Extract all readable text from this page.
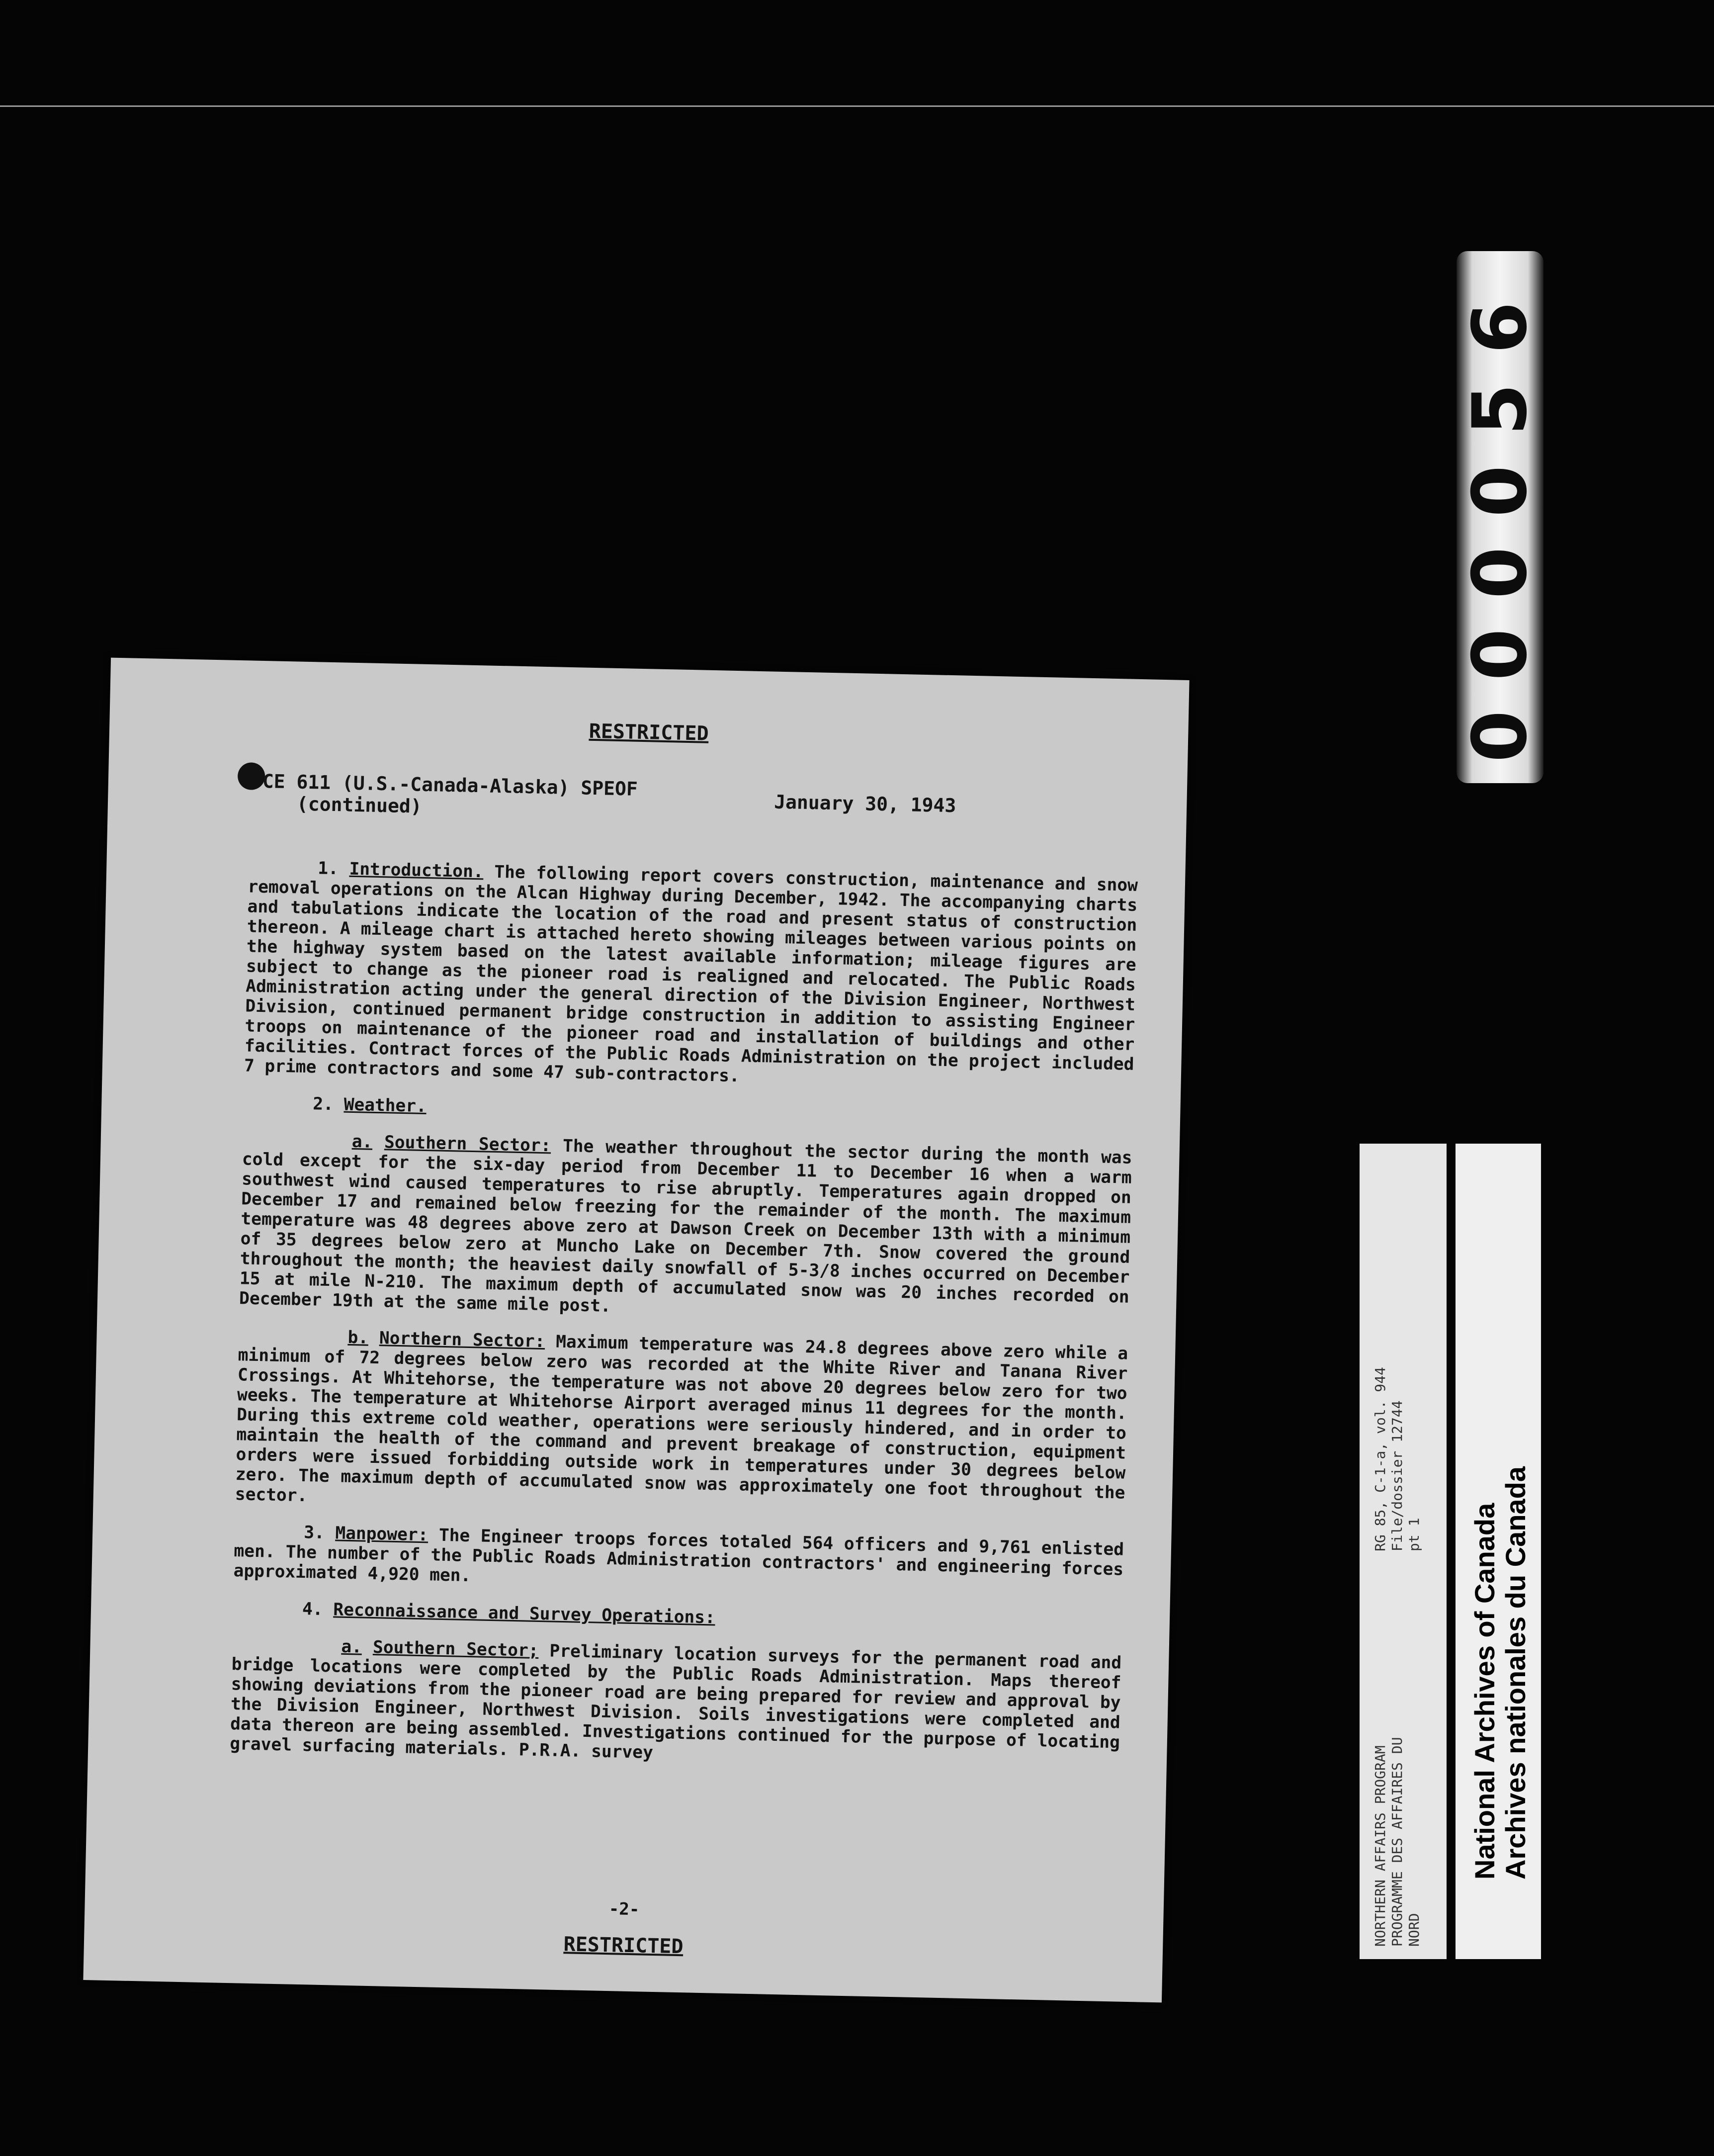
000056
NORTHERN AFFAIRS PROGRAM PROGRAMME DES AFFAIRES DU NORD
RG 85, C-1-a, vol. 944 File/dossier 12744 pt 1 National Archives of Canada Archives nationales du Canada
RESTRICTED
CE 611 (U.S.-Canada-Alaska) SPEOF
(continued)	January 30, 1943

1. Introduction. The following report covers construction, maintenance and snow removal operations on the Alcan Highway during December, 1942. The accompanying charts and tabulations indicate the location of the road and present status of construction thereon. A mileage chart is attached hereto showing mileages between various points on the highway system based on the latest available information; mileage figures are subject to change as the pioneer road is realigned and relocated. The Public Roads Administration acting under the general direction of the Division Engineer, Northwest Division, continued permanent bridge construction in addition to assisting Engineer troops on maintenance of the pioneer road and installation of buildings and other facilities. Contract forces of the Public Roads Administration on the project included 7 prime contractors and some 47 sub-contractors.

2. Weather.

a. Southern Sector: The weather throughout the sector during the month was cold except for the six-day period from December 11 to December 16 when a warm southwest wind caused temperatures to rise abruptly. Temperatures again dropped on December 17 and remained below freezing for the remainder of the month. The maximum temperature was 48 degrees above zero at Dawson Creek on December 13th with a minimum of 35 degrees below zero at Muncho Lake on December 7th. Snow covered the ground throughout the month; the heaviest daily snowfall of 5-3/8 inches occurred on December 15 at mile N-210. The maximum depth of accumulated snow was 20 inches recorded on December 19th at the same mile post.

b. Northern Sector: Maximum temperature was 24.8 degrees above zero while a minimum of 72 degrees below zero was recorded at the White River and Tanana River Crossings. At Whitehorse, the temperature was not above 20 degrees below zero for two weeks. The temperature at Whitehorse Airport averaged minus 11 degrees for the month. During this extreme cold weather, operations were seriously hindered, and in order to maintain the health of the command and prevent breakage of construction, equipment orders were issued forbidding outside work in temperatures under 30 degrees below zero. The maximum depth of accumulated snow was approximately one foot throughout the sector.

3. Manpower: The Engineer troops forces totaled 564 officers and 9,761 enlisted men. The number of the Public Roads Administration contractors' and engineering forces approximated 4,920 men.

4. Reconnaissance and Survey Operations:

a. Southern Sector; Preliminary location surveys for the permanent road and bridge locations were completed by the Public Roads Administration. Maps thereof showing deviations from the pioneer road are being prepared for review and approval by the Division Engineer, Northwest Division. Soils investigations were completed and data thereon are being assembled. Investigations continued for the purpose of locating gravel surfacing materials. P.R.A. survey

-2-
RESTRICTED
